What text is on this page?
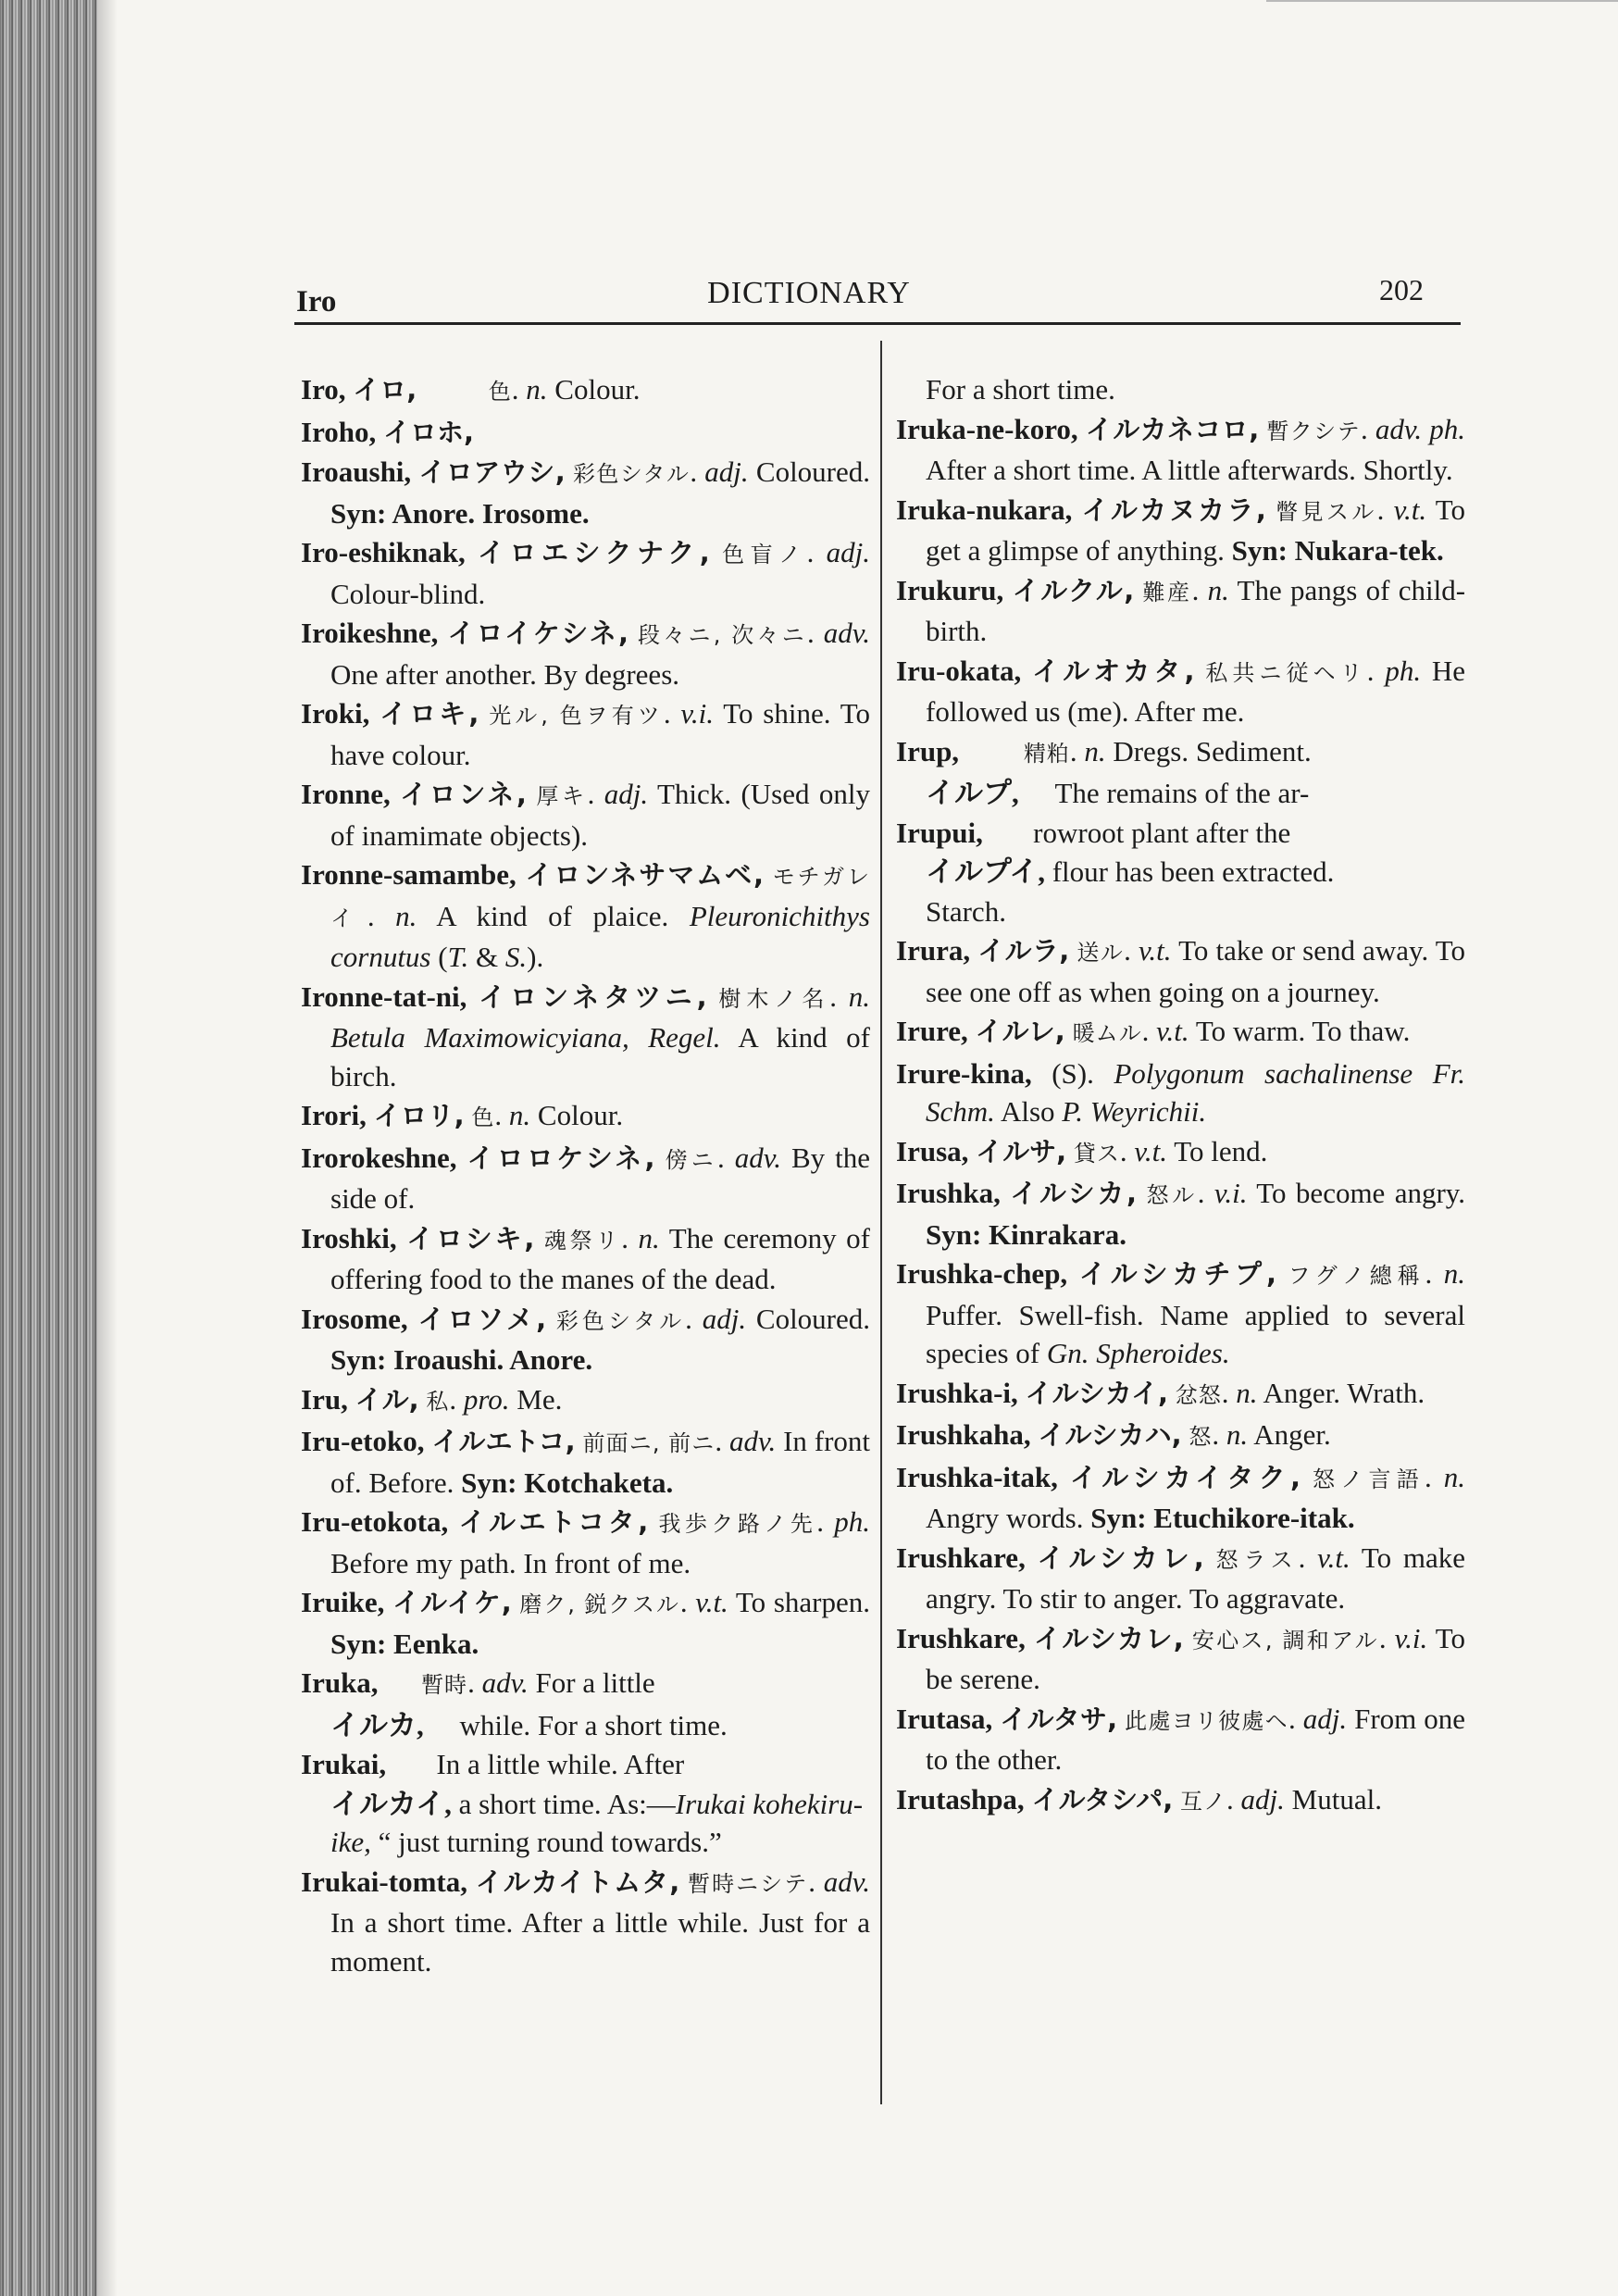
Iro	DICTIONARY	202
Iro, イロ,	色. n. Colour.
Iroho, イロホ,
Iroaushi, イロアウシ, 彩色シタル. adj. Coloured. Syn: Anore. Irosome.
Iro-eshiknak, イロエシクナク, 色盲ノ. adj. Colour-blind.
Iroikeshne, イロイケシネ, 段々ニ, 次々ニ. adv. One after another. By degrees.
Iroki, イロキ, 光ル, 色ヲ有ツ. v.i. To shine. To have colour.
Ironne, イロンネ, 厚キ. adj. Thick. (Used only of inamimate objects).
Ironne-samambe, イロンネサマムベ, モチガレイ. n. A kind of plaice. Pleuronichithys cornutus (T. & S.).
Ironne-tat-ni, イロンネタツニ, 樹木ノ名. n. Betula Maximowicyiana, Regel. A kind of birch.
Irori, イロリ, 色. n. Colour.
Irorokeshne, イロロケシネ, 傍ニ. adv. By the side of.
Iroshki, イロシキ, 魂祭リ. n. The ceremony of offering food to the manes of the dead.
Irosome, イロソメ, 彩色シタル. adj. Coloured. Syn: Iroaushi. Anore.
Iru, イル, 私. pro. Me.
Iru-etoko, イルエトコ, 前面ニ, 前ニ. adv. In front of. Before. Syn: Kotchaketa.
Iru-etokota, イルエトコタ, 我歩ク路ノ先. ph. Before my path. In front of me.
Iruike, イルイケ, 磨ク, 鋭クスル. v.t. To sharpen. Syn: Eenka.
Iruka, 暫時. adv. For a little
イルカ,     while. For a short time.
Irukai,       In a little while. After
イルカイ, a short time. As:—Irukai kohekiru-ike, “ just turning round towards.”
Irukai-tomta, イルカイトムタ, 暫時ニシテ. adv. In a short time. After a little while. Just for a moment.
For a short time.
Iruka-ne-koro, イルカネコロ, 暫クシテ. adv. ph. After a short time. A little afterwards. Shortly.
Iruka-nukara, イルカヌカラ, 瞥見スル. v.t. To get a glimpse of anything. Syn: Nukara-tek.
Irukuru, イルクル, 難産. n. The pangs of child-birth.
Iru-okata, イルオカタ, 私共ニ従ヘリ. ph. He followed us (me). After me.
Irup,	精粕. n. Dregs. Sediment.
イルプ,     The remains of the ar-
Irupui,       rowroot plant after the
イルプイ, flour has been extracted.
Starch.
Irura, イルラ, 送ル. v.t. To take or send away. To see one off as when going on a journey.
Irure, イルレ, 暖ムル. v.t. To warm. To thaw.
Irure-kina, (S). Polygonum sachalinense Fr. Schm. Also P. Weyrichii.
Irusa, イルサ, 貸ス. v.t. To lend.
Irushka, イルシカ, 怒ル. v.i. To become angry. Syn: Kinrakara.
Irushka-chep, イルシカチプ, フグノ總稱. n. Puffer. Swell-fish. Name applied to several species of Gn. Spheroides.
Irushka-i, イルシカイ, 忿怒. n. Anger. Wrath.
Irushkaha, イルシカハ, 怒. n. Anger.
Irushka-itak, イルシカイタク, 怒ノ言語. n. Angry words. Syn: Etuchikore-itak.
Irushkare, イルシカレ, 怒ラス. v.t. To make angry. To stir to anger. To aggravate.
Irushkare, イルシカレ, 安心ス, 調和アル. v.i. To be serene.
Irutasa, イルタサ, 此處ヨリ彼處ヘ. adj. From one to the other.
Irutashpa, イルタシパ, 互ノ. adj. Mutual.
